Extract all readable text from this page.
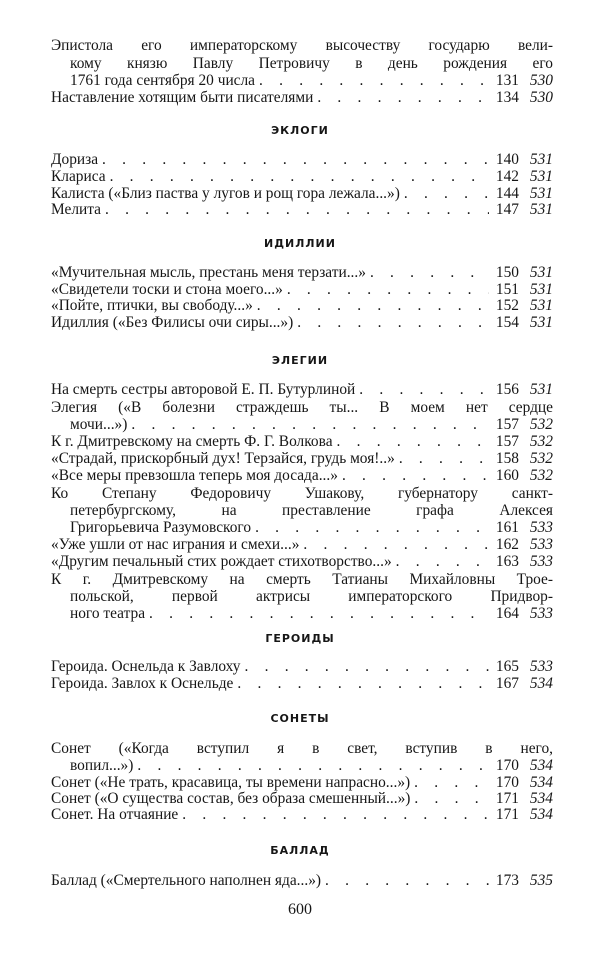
Эпистола его императорскому высочеству государю вели-
кому князю Павлу Петровичу в день рождения его
1761 года сентября 20 числа . . .	131 530
Наставление хотящим быти писателями . . .	134 530
ЭКЛОГИ
Дориза . . .	140 531
Клариса . . .	142 531
Калиста («Близ паства у лугов и рощ гора лежала...») . . .	144 531
Мелита . . .	147 531
ИДИЛЛИИ
«Мучительная мысль, престань меня терзати...» . . .	150 531
«Свидетели тоски и стона моего...» . . .	151 531
«Пойте, птички, вы свободу...» . . .	152 531
Идиллия («Без Филисы очи сиры...») . . .	154 531
ЭЛЕГИИ
На смерть сестры авторовой Е. П. Бутурлиной . . .	156 531
Элегия («В болезни страждешь ты... В моем нет сердце
мочи...») . . .	157 532
К г. Дмитревскому на смерть Ф. Г. Волкова . . .	157 532
«Страдай, прискорбный дух! Терзайся, грудь моя!..» . . .	158 532
«Все меры превзошла теперь моя досада...» . . .	160 532
Ко Степану Федоровичу Ушакову, губернатору санкт-
петербургскому, на преставление графа Алексея
Григорьевича Разумовского . . .	161 533
«Уже ушли от нас играния и смехи...» . . .	162 533
«Другим печальный стих рождает стихотворство...» . . .	163 533
К г. Дмитревскому на смерть Татианы Михайловны Трое-
польской, первой актрисы императорского Придвор-
ного театра . . .	164 533
ГЕРОИДЫ
Героида. Оснельда к Завлоху . . .	165 533
Героида. Завлох к Оснельде . . .	167 534
СОНЕТЫ
Сонет («Когда вступил я в свет, вступив в него,
вопил...») . . .	170 534
Сонет («Не трать, красавица, ты времени напрасно...») . . .	170 534
Сонет («О существа состав, без образа смешенный...») . . .	171 534
Сонет. На отчаяние . . .	171 534
БАЛЛАД
Баллад («Смертельного наполнен яда...») . . .	173 535
600
